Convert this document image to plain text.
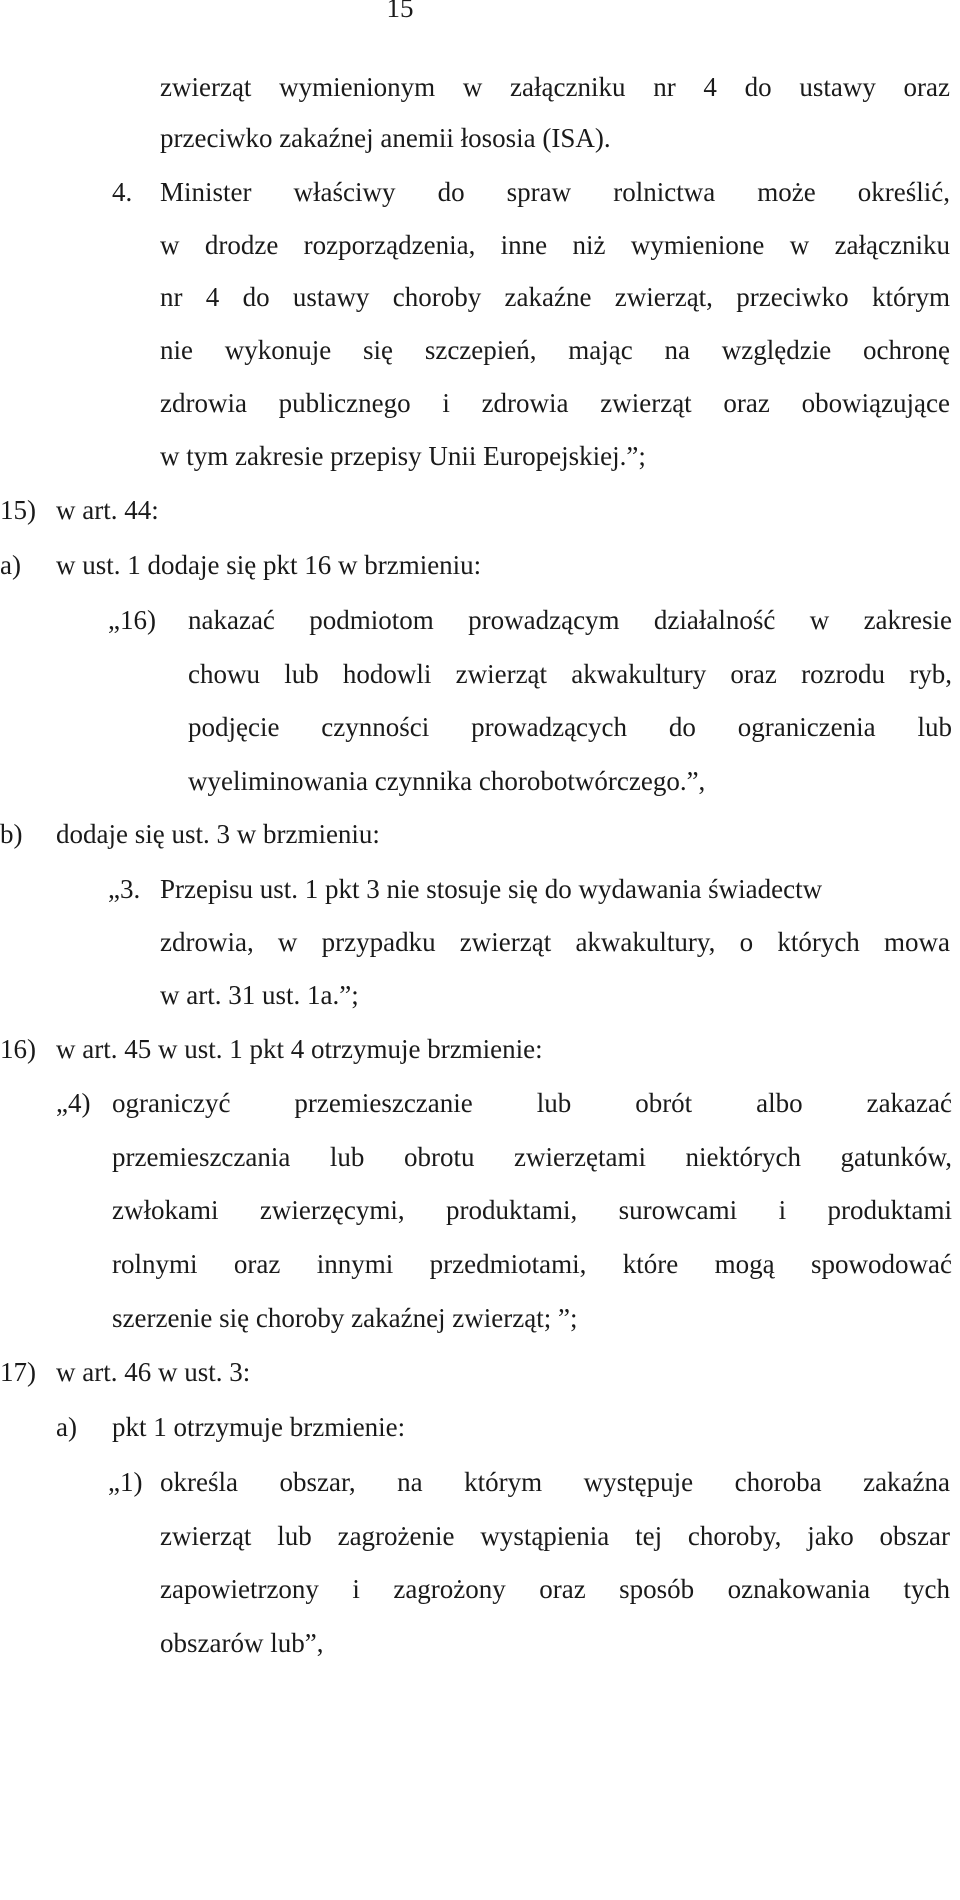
15
zwierząt wymienionym w załączniku nr 4 do ustawy oraz
przeciwko zakaźnej anemii łososia (ISA).
4. Minister właściwy do spraw rolnictwa może określić,
w drodze rozporządzenia, inne niż wymienione w załączniku
nr 4 do ustawy choroby zakaźne zwierząt, przeciwko którym
nie wykonuje się szczepień, mając na względzie ochronę
zdrowia publicznego i zdrowia zwierząt oraz obowiązujące
w tym zakresie przepisy Unii Europejskiej.”;
15) w art. 44:
a) w ust. 1 dodaje się pkt 16 w brzmieniu:
„16) nakazać podmiotom prowadzącym działalność w zakresie
chowu lub hodowli zwierząt akwakultury oraz rozrodu ryb,
podjęcie czynności prowadzących do ograniczenia lub
wyeliminowania czynnika chorobotwórczego.”,
b) dodaje się ust. 3 w brzmieniu:
„3. Przepisu ust. 1 pkt 3 nie stosuje się do wydawania świadectw
zdrowia, w przypadku zwierząt akwakultury, o których mowa
w art. 31 ust. 1a.”;
16) w art. 45 w ust. 1 pkt 4 otrzymuje brzmienie:
„4) ograniczyć przemieszczanie lub obrót albo zakazać
przemieszczania lub obrotu zwierzętami niektórych gatunków,
zwłokami zwierzęcymi, produktami, surowcami i produktami
rolnymi oraz innymi przedmiotami, które mogą spowodować
szerzenie się choroby zakaźnej zwierząt; ”;
17) w art. 46 w ust. 3:
a) pkt 1 otrzymuje brzmienie:
„1) określa obszar, na którym występuje choroba zakaźna
zwierząt lub zagrożenie wystąpienia tej choroby, jako obszar
zapowietrzony i zagrożony oraz sposób oznakowania tych
obszarów lub”,
